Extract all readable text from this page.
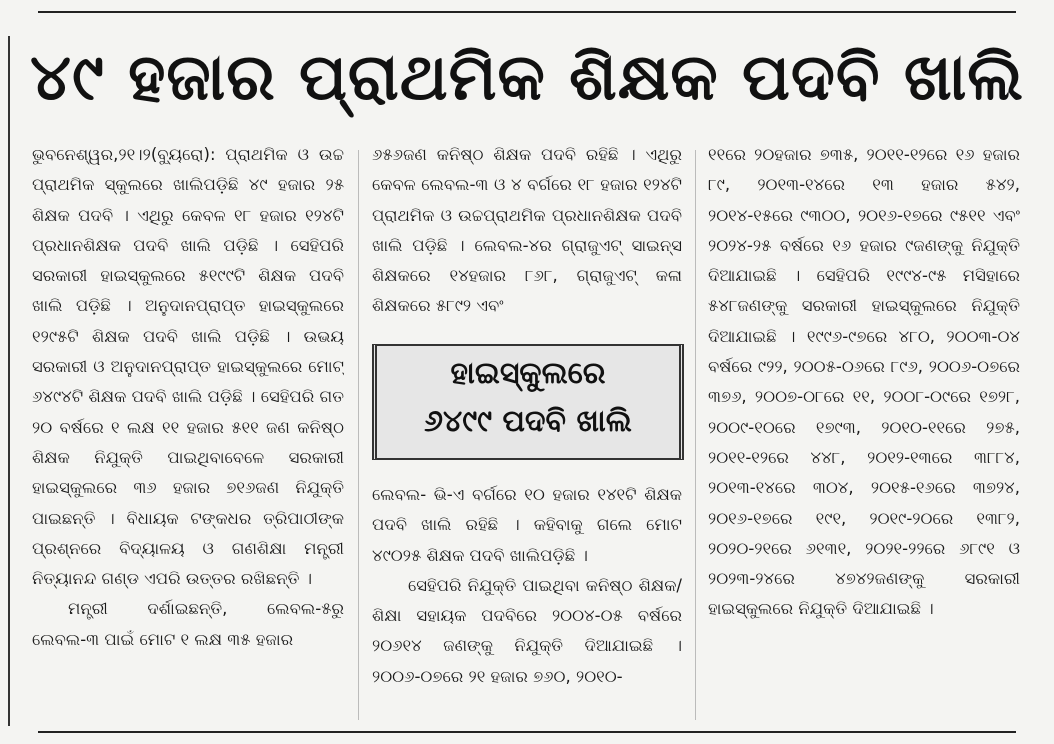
୪୯ ହଜାର ପ୍ରାଥମିକ ଶିକ୍ଷକ ପଦବି ଖାଲି

ଭୁବନେଶ୍ୱର,୨୧।୨(ବ୍ୟୁରୋ): ପ୍ରାଥମିକ ଓ ଉଚ୍ଚ ପ୍ରାଥମିକ ସ୍କୁଲରେ ଖାଲିପଡ଼ିଛି ୪୯ ହଜାର ୨୫ ଶିକ୍ଷକ ପଦବି । ଏଥିରୁ କେବଳ ୧୮ ହଜାର ୧୨୪ଟି ପ୍ରଧାନଶିକ୍ଷକ ପଦବି ଖାଲି ପଡ଼ିଛି । ସେହିପରି ସରକାରୀ ହାଇସ୍କୁଲରେ ୫୧୯୯ଟି ଶିକ୍ଷକ ପଦବି ଖାଲି ପଡ଼ିଛି । ଅନୁଦାନପ୍ରାପ୍ତ ହାଇସ୍କୁଲରେ ୧୨୯୫ଟି ଶିକ୍ଷକ ପଦବି ଖାଲି ପଡ଼ିଛି । ଉଭୟ ସରକାରୀ ଓ ଅନୁଦାନପ୍ରାପ୍ତ ହାଇସ୍କୁଲରେ ମୋଟ୍ ୬୪୯୪ଟି ଶିକ୍ଷକ ପଦବି ଖାଲି ପଡ଼ିଛି । ସେହିପରି ଗତ ୨୦ ବର୍ଷରେ ୧ ଲକ୍ଷ ୧୧ ହଜାର ୫୧୧ ଜଣ କନିଷ୍ଠ ଶିକ୍ଷକ ନିଯୁକ୍ତି ପାଇଥିବାବେଳେ ସରକାରୀ ହାଇସ୍କୁଲରେ ୩୬ ହଜାର ୭୧୬ଜଣ ନିଯୁକ୍ତି ପାଇଛନ୍ତି । ବିଧାୟକ ଟଙ୍କଧର ତ୍ରିପାଠୀଙ୍କ ପ୍ରଶ୍ନରେ ବିଦ୍ୟାଳୟ ଓ ଗଣଶିକ୍ଷା ମନ୍ତ୍ରୀ ନିତ୍ୟାନନ୍ଦ ଗଣ୍ଡ ଏପରି ଉତ୍ତର ରଖିଛନ୍ତି ।

ମନ୍ତ୍ରୀ ଦର୍ଶାଇଛନ୍ତି, ଲେବଲ-୫ରୁ ଲେବଲ-୩ ପାଇଁ ମୋଟ ୧ ଲକ୍ଷ ୩୫ ହଜାର

୬୫୬ଜଣ କନିଷ୍ଠ ଶିକ୍ଷକ ପଦବି ରହିଛି । ଏଥିରୁ କେବଳ ଲେବଲ-୩ ଓ ୪ ବର୍ଗରେ ୧୮ ହଜାର ୧୨୪ଟି ପ୍ରାଥମିକ ଓ ଉଚ୍ଚପ୍ରାଥମିକ ପ୍ରଧାନଶିକ୍ଷକ ପଦବି ଖାଲି ପଡ଼ିଛି । ଲେବଲ-୪ର ଗ୍ରାଜୁଏଟ୍ ସାଇନ୍ସ ଶିକ୍ଷକରେ ୧୪ହଜାର ୮୬୮, ଗ୍ରାଜୁଏଟ୍ କଳା ଶିକ୍ଷକରେ ୫୮୯୨ ଏବଂ

ହାଇସ୍କୁଲରେ
୬୪୯୯ ପଦବି ଖାଲି

ଲେବଲ- ଭି-ଏ ବର୍ଗରେ ୧୦ ହଜାର ୧୪୧ଟି ଶିକ୍ଷକ ପଦବି ଖାଲି ରହିଛି । କହିବାକୁ ଗଲେ ମୋଟ ୪୯୦୨୫ ଶିକ୍ଷକ ପଦବି ଖାଲିପଡ଼ିଛି ।

ସେହିପରି ନିଯୁକ୍ତି ପାଇଥିବା କନିଷ୍ଠ ଶିକ୍ଷକ/ ଶିକ୍ଷା ସହାୟକ ପଦବିରେ ୨୦୦୪-୦୫ ବର୍ଷରେ ୨୦୬୧୪ ଜଣଙ୍କୁ ନିଯୁକ୍ତି ଦିଆଯାଇଛି । ୨୦୦୬-୦୭ରେ ୨୧ ହଜାର ୭୬୦, ୨୦୧୦-

୧୧ରେ ୨୦ହଜାର ୭୩୫, ୨୦୧୧-୧୨ରେ ୧୬ ହଜାର ୮୯, ୨୦୧୩-୧୪ରେ ୧୩ ହଜାର ୫୪୨, ୨୦୧୪-୧୫ରେ ୯୩୦୦, ୨୦୧୬-୧୭ରେ ୯୫୧୧ ଏବଂ ୨୦୨୪-୨୫ ବର୍ଷରେ ୧୬ ହଜାର ୯ଜଣଙ୍କୁ ନିଯୁକ୍ତି ଦିଆଯାଇଛି । ସେହିପରି ୧୯୯୪-୯୫ ମସିହାରେ ୫୪୮ଜଣଙ୍କୁ ସରକାରୀ ହାଇସ୍କୁଲରେ ନିଯୁକ୍ତି ଦିଆଯାଇଛି । ୧୯୯୬-୯୭ରେ ୪୮୦, ୨୦୦୩-୦୪ ବର୍ଷରେ ୯୨୨, ୨୦୦୫-୦୬ରେ ୮୯୬, ୨୦୦୬-୦୭ରେ ୩୭୬, ୨୦୦୭-୦୮ରେ ୧୧, ୨୦୦୮-୦୯ରେ ୧୭୨୮, ୨୦୦୯-୧୦ରେ ୧୭୯୩, ୨୦୧୦-୧୧ରେ ୨୭୫, ୨୦୧୧-୧୨ରେ ୪୪୮, ୨୦୧୨-୧୩ରେ ୩୮୮୪, ୨୦୧୩-୧୪ରେ ୩୦୪, ୨୦୧୫-୧୬ରେ ୩୭୨୪, ୨୦୧୬-୧୭ରେ ୧୯୧, ୨୦୧୯-୨୦ରେ ୧୩୮୨, ୨୦୨୦-୨୧ରେ ୬୧୩୧, ୨୦୨୧-୨୨ରେ ୬୮୯୧ ଓ ୨୦୨୩-୨୪ରେ ୪୭୪୨ଜଣଙ୍କୁ ସରକାରୀ ହାଇସ୍କୁଲରେ ନିଯୁକ୍ତି ଦିଆଯାଇଛି ।
